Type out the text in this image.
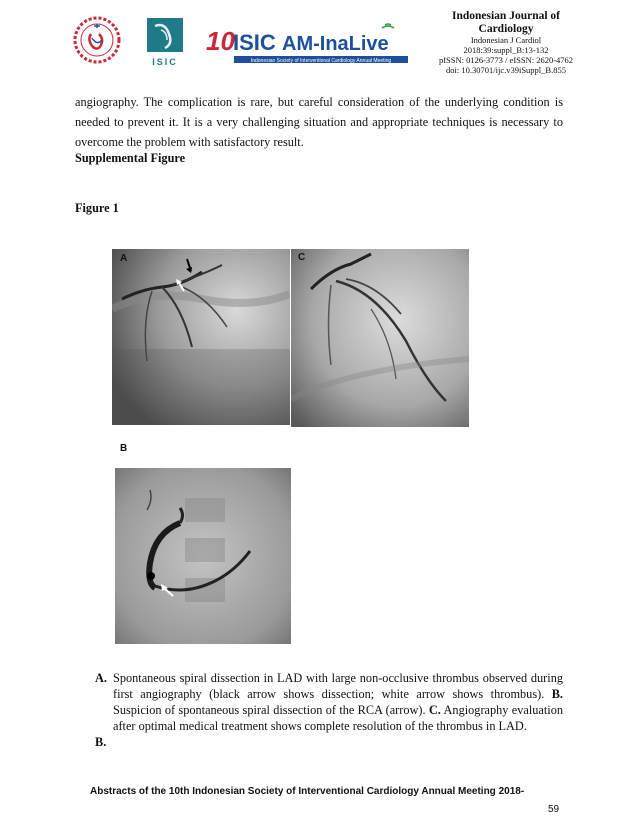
ISIC
10
ISIC AM-InaLive
Indonesian Society of Interventional Cardiology Annual Meeting
Indonesian Journal of
Cardiology
Indonesian J Cardiol
2018:39:suppl_B:13-132
pISSN: 0126-3773 / eISSN: 2620-4762
doi: 10.30701/ijc.v39iSuppl_B.855
angiography. The complication is rare, but careful consideration of the underlying condition is needed to prevent it. It is a very challenging situation and appropriate techniques is necessary to overcome the problem with satisfactory result.
Supplemental Figure
Figure 1
A	C
B
A. Spontaneous spiral dissection in LAD with large non-occlusive thrombus observed during first angiography (black arrow shows dissection; white arrow shows thrombus). B. Suspicion of spontaneous spiral dissection of the RCA (arrow). C. Angiography evaluation after optimal medical treatment shows complete resolution of the thrombus in LAD.
B.
Abstracts of the 10th Indonesian Society of Interventional Cardiology Annual Meeting 2018-
59
